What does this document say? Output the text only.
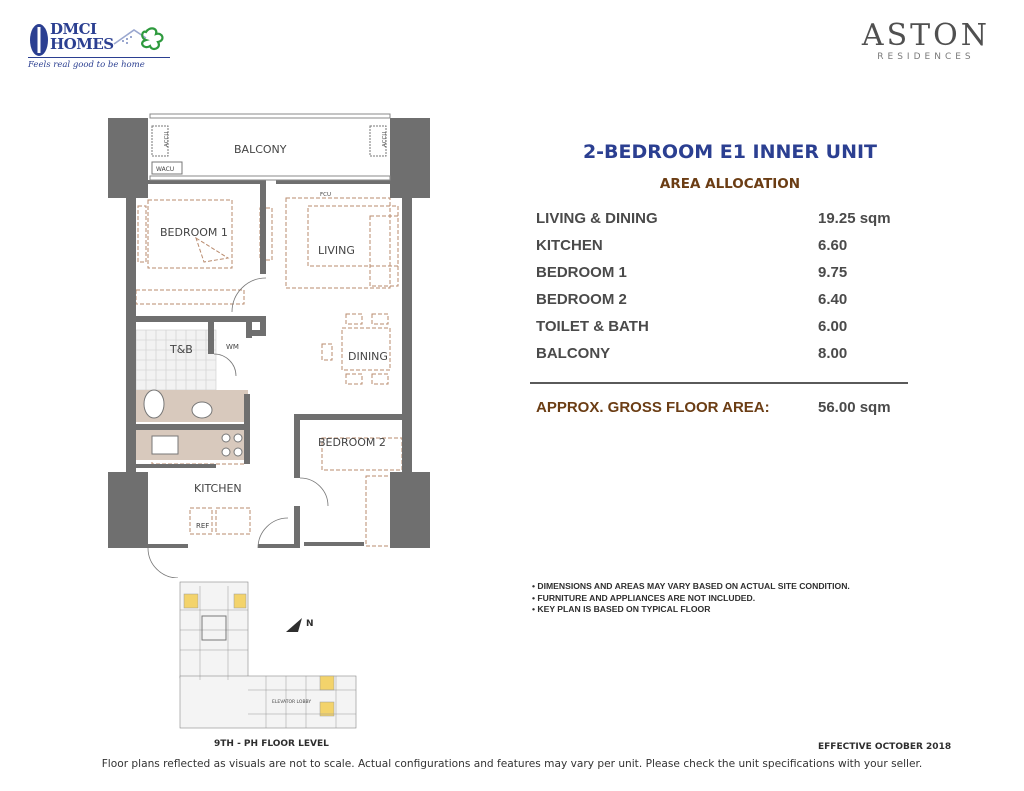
DMCI
HOMES
Feels real good to be home
ASTON
RESIDENCES
BALCONY
BEDROOM 1
LIVING
DINING
T&B	WM
BEDROOM 2
KITCHEN
REF
ACCU	ACCU
WACU
FCU
ELEVATOR LOBBY
N
9TH - PH FLOOR LEVEL
2-BEDROOM E1 INNER UNIT
AREA ALLOCATION
LIVING & DINING	19.25 sqm
KITCHEN	6.60
BEDROOM 1	9.75
BEDROOM 2	6.40
TOILET & BATH	6.00
BALCONY	8.00
APPROX. GROSS FLOOR AREA:	56.00 sqm
• DIMENSIONS AND AREAS MAY VARY BASED ON ACTUAL SITE CONDITION.
• FURNITURE AND APPLIANCES ARE NOT INCLUDED.
• KEY PLAN IS BASED ON TYPICAL FLOOR
EFFECTIVE OCTOBER 2018
Floor plans reflected as visuals are not to scale. Actual configurations and features may vary per unit. Please check the unit specifications with your seller.
